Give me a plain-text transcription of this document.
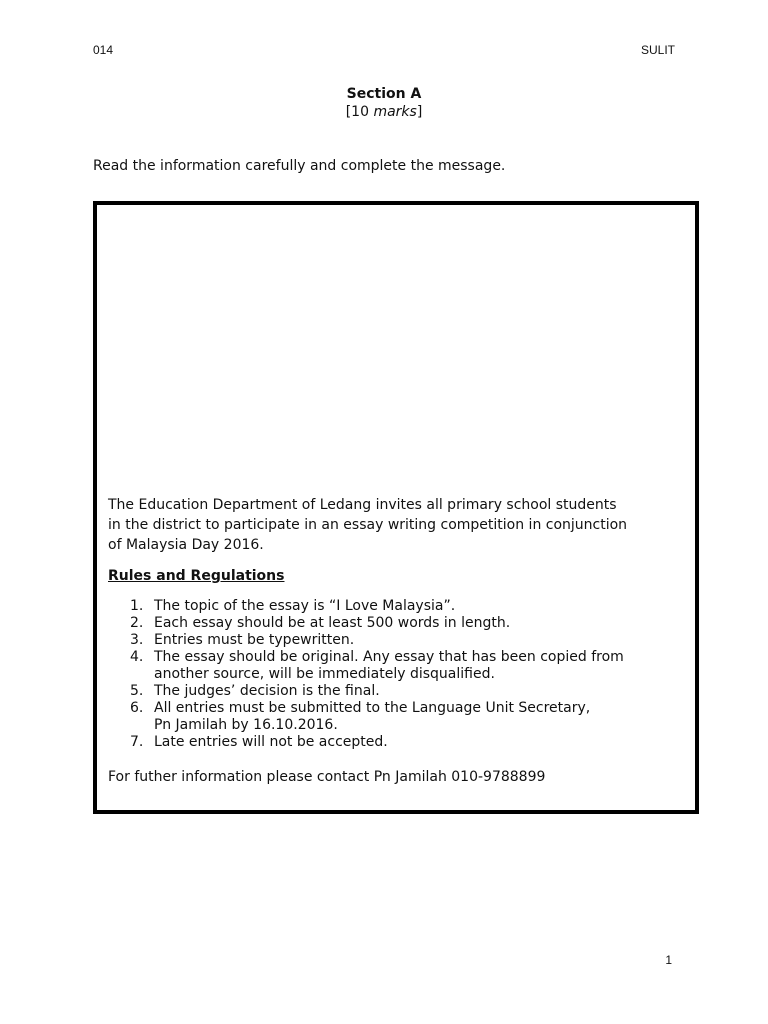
014	SULIT
Section A
[10 marks]
Read the information carefully and complete the message.
The Education Department of Ledang invites all primary school students
in the district to participate in an essay writing competition in conjunction
of Malaysia Day 2016.
Rules and Regulations
1. The topic of the essay is “I Love Malaysia”.
2. Each essay should be at least 500 words in length.
3. Entries must be typewritten.
4. The essay should be original. Any essay that has been copied from
another source, will be immediately disqualified.
5. The judges’ decision is the final.
6. All entries must be submitted to the Language Unit Secretary,
Pn Jamilah by 16.10.2016.
7. Late entries will not be accepted.
For futher information please contact Pn Jamilah 010-9788899
1
